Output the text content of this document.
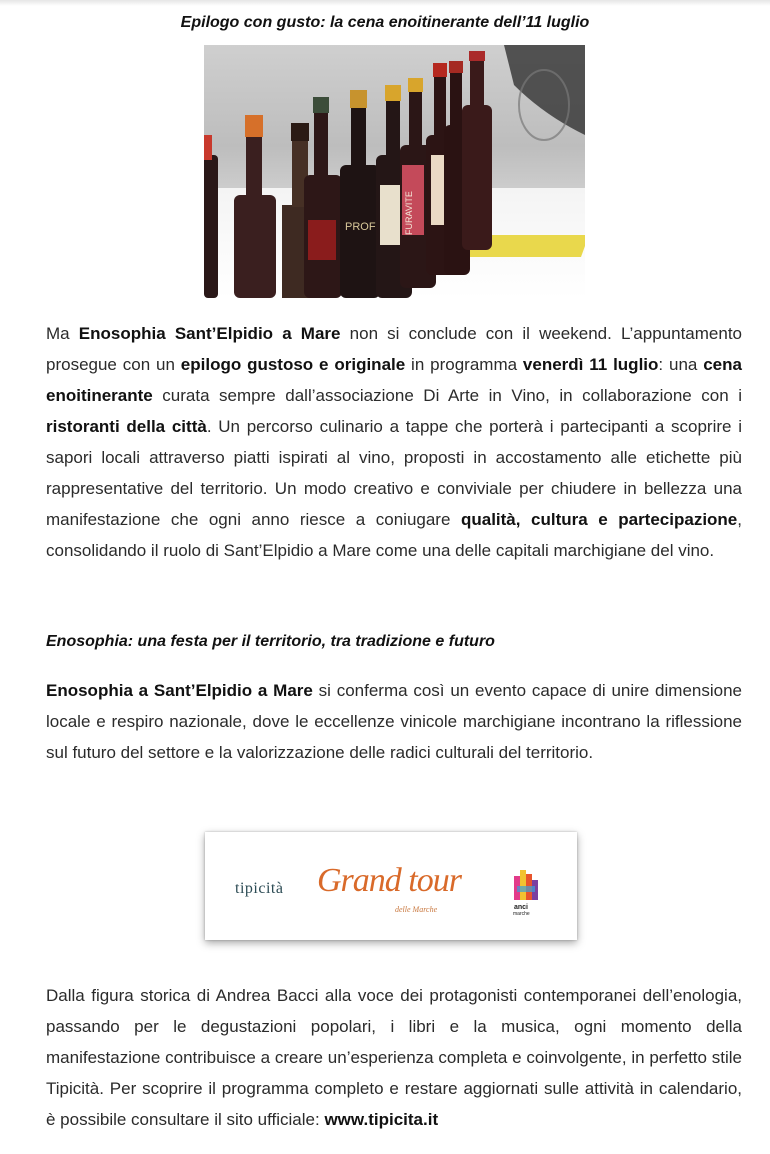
Epilogo con gusto: la cena enoitinerante dell’11 luglio
PROF	FURAVITE

Ma Enosophia Sant’Elpidio a Mare non si conclude con il weekend. L’appuntamento prosegue con un epilogo gustoso e originale in programma venerdì 11 luglio: una cena enoitinerante curata sempre dall’associazione Di Arte in Vino, in collaborazione con i ristoranti della città. Un percorso culinario a tappe che porterà i partecipanti a scoprire i sapori locali attraverso piatti ispirati al vino, proposti in accostamento alle etichette più rappresentative del territorio. Un modo creativo e conviviale per chiudere in bellezza una manifestazione che ogni anno riesce a coniugare qualità, cultura e partecipazione, consolidando il ruolo di Sant’Elpidio a Mare come una delle capitali marchigiane del vino.

Enosophia: una festa per il territorio, tra tradizione e futuro

Enosophia a Sant’Elpidio a Mare si conferma così un evento capace di unire dimensione locale e respiro nazionale, dove le eccellenze vinicole marchigiane incontrano la riflessione sul futuro del settore e la valorizzazione delle radici culturali del territorio.

tipicità Grand tour
delle Marche	anci
marche

Dalla figura storica di Andrea Bacci alla voce dei protagonisti contemporanei dell’enologia, passando per le degustazioni popolari, i libri e la musica, ogni momento della manifestazione contribuisce a creare un’esperienza completa e coinvolgente, in perfetto stile Tipicità. Per scoprire il programma completo e restare aggiornati sulle attività in calendario, è possibile consultare il sito ufficiale: www.tipicita.it
